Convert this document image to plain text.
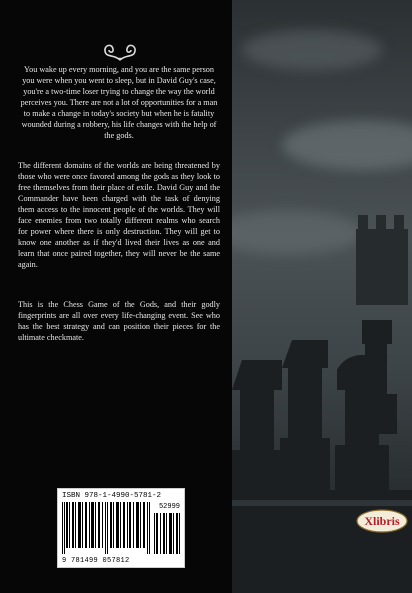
You wake up every morning, and you are the same person you were when you went to sleep, but in David Guy's case, you're a two-time loser trying to change the way the world perceives you. There are not a lot of opportunities for a man to make a change in today's society but when he is fatality wounded during a robbery, his life changes with the help of the gods.

The different domains of the worlds are being threatened by those who were once favored among the gods as they look to free themselves from their place of exile. David Guy and the Commander have been charged with the task of denying them access to the innocent people of the worlds. They will face enemies from two totally different realms who search for power where there is only destruction. They will get to know one another as if they'd lived their lives as one and learn that once paired together, they will never be the same again.

This is the Chess Game of the Gods, and their godly fingerprints are all over every life-changing event. See who has the best strategy and can position their pieces for the ultimate checkmate.

ISBN 978-1-4990-5781-2
52999
9 781499 057812
Xlibris
